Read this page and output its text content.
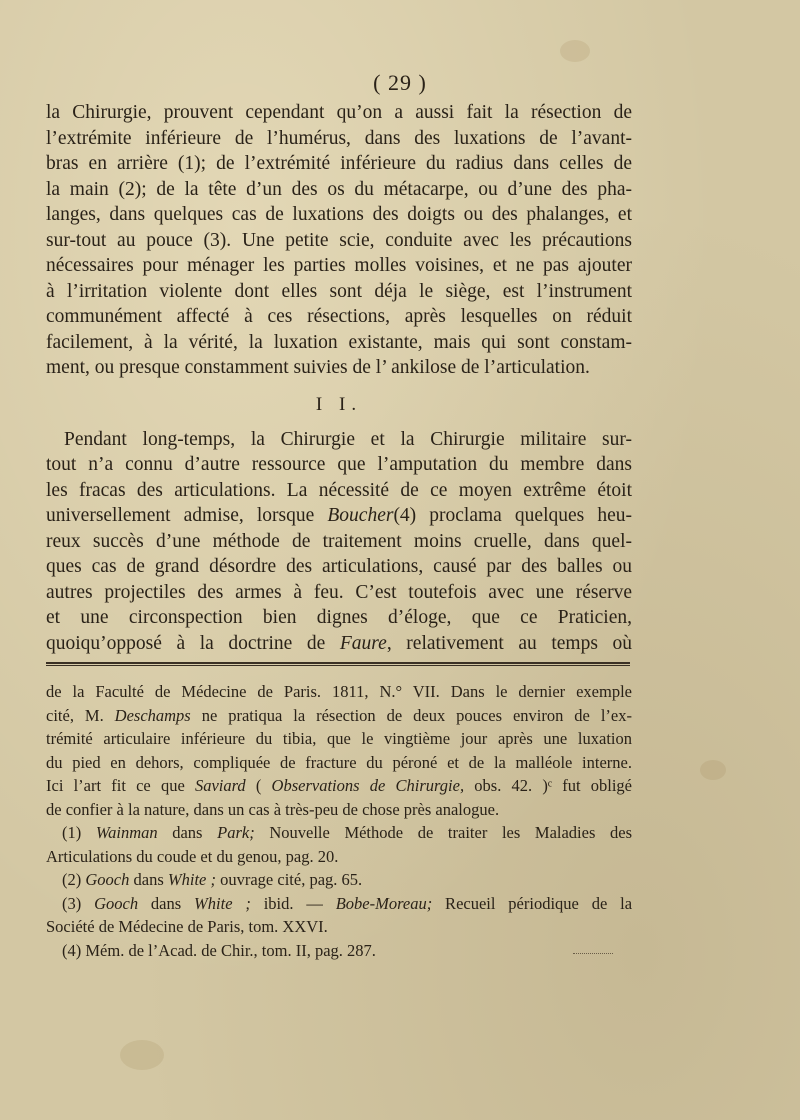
( 29 )
la Chirurgie, prouvent cependant qu’on a aussi fait la résection de
l’extrémite inférieure de l’humérus, dans des luxations de l’avant-
bras en arrière (1); de l’extrémité inférieure du radius dans celles de
la main (2); de la tête d’un des os du métacarpe, ou d’une des pha-
langes, dans quelques cas de luxations des doigts ou des phalanges, et
sur-tout au pouce (3). Une petite scie, conduite avec les précautions
nécessaires pour ménager les parties molles voisines, et ne pas ajouter
à l’irritation violente dont elles sont déja le siège, est l’instrument
communément affecté à ces résections, après lesquelles on réduit
facilement, à la vérité, la luxation existante, mais qui sont constam-
ment, ou presque constamment suivies de l’ ankilose de l’articulation.
I I.
Pendant long-temps, la Chirurgie et la Chirurgie militaire sur-
tout n’a connu d’autre ressource que l’amputation du membre dans
les fracas des articulations. La nécessité de ce moyen extrême étoit
universellement admise, lorsque Boucher(4) proclama quelques heu-
reux succès d’une méthode de traitement moins cruelle, dans quel-
ques cas de grand désordre des articulations, causé par des balles ou
autres projectiles des armes à feu. C’est toutefois avec une réserve
et une circonspection bien dignes d’éloge, que ce Praticien,
quoiqu’opposé à la doctrine de Faure, relativement au temps où
de la Faculté de Médecine de Paris. 1811, N.° VII. Dans le dernier exemple
cité, M. Deschamps ne pratiqua la résection de deux pouces environ de l’ex-
trémité articulaire inférieure du tibia, que le vingtième jour après une luxation
du pied en dehors, compliquée de fracture du péroné et de la malléole interne.
Ici l’art fit ce que Saviard ( Observations de Chirurgie, obs. 42. )ᶜ fut obligé
de confier à la nature, dans un cas à très-peu de chose près analogue.
(1) Wainman dans Park; Nouvelle Méthode de traiter les Maladies des
Articulations du coude et du genou, pag. 20.
(2) Gooch dans White ; ouvrage cité, pag. 65.
(3) Gooch dans White ; ibid. — Bobe-Moreau; Recueil périodique de la
Société de Médecine de Paris, tom. XXVI.
(4) Mém. de l’Acad. de Chir., tom. II, pag. 287.
